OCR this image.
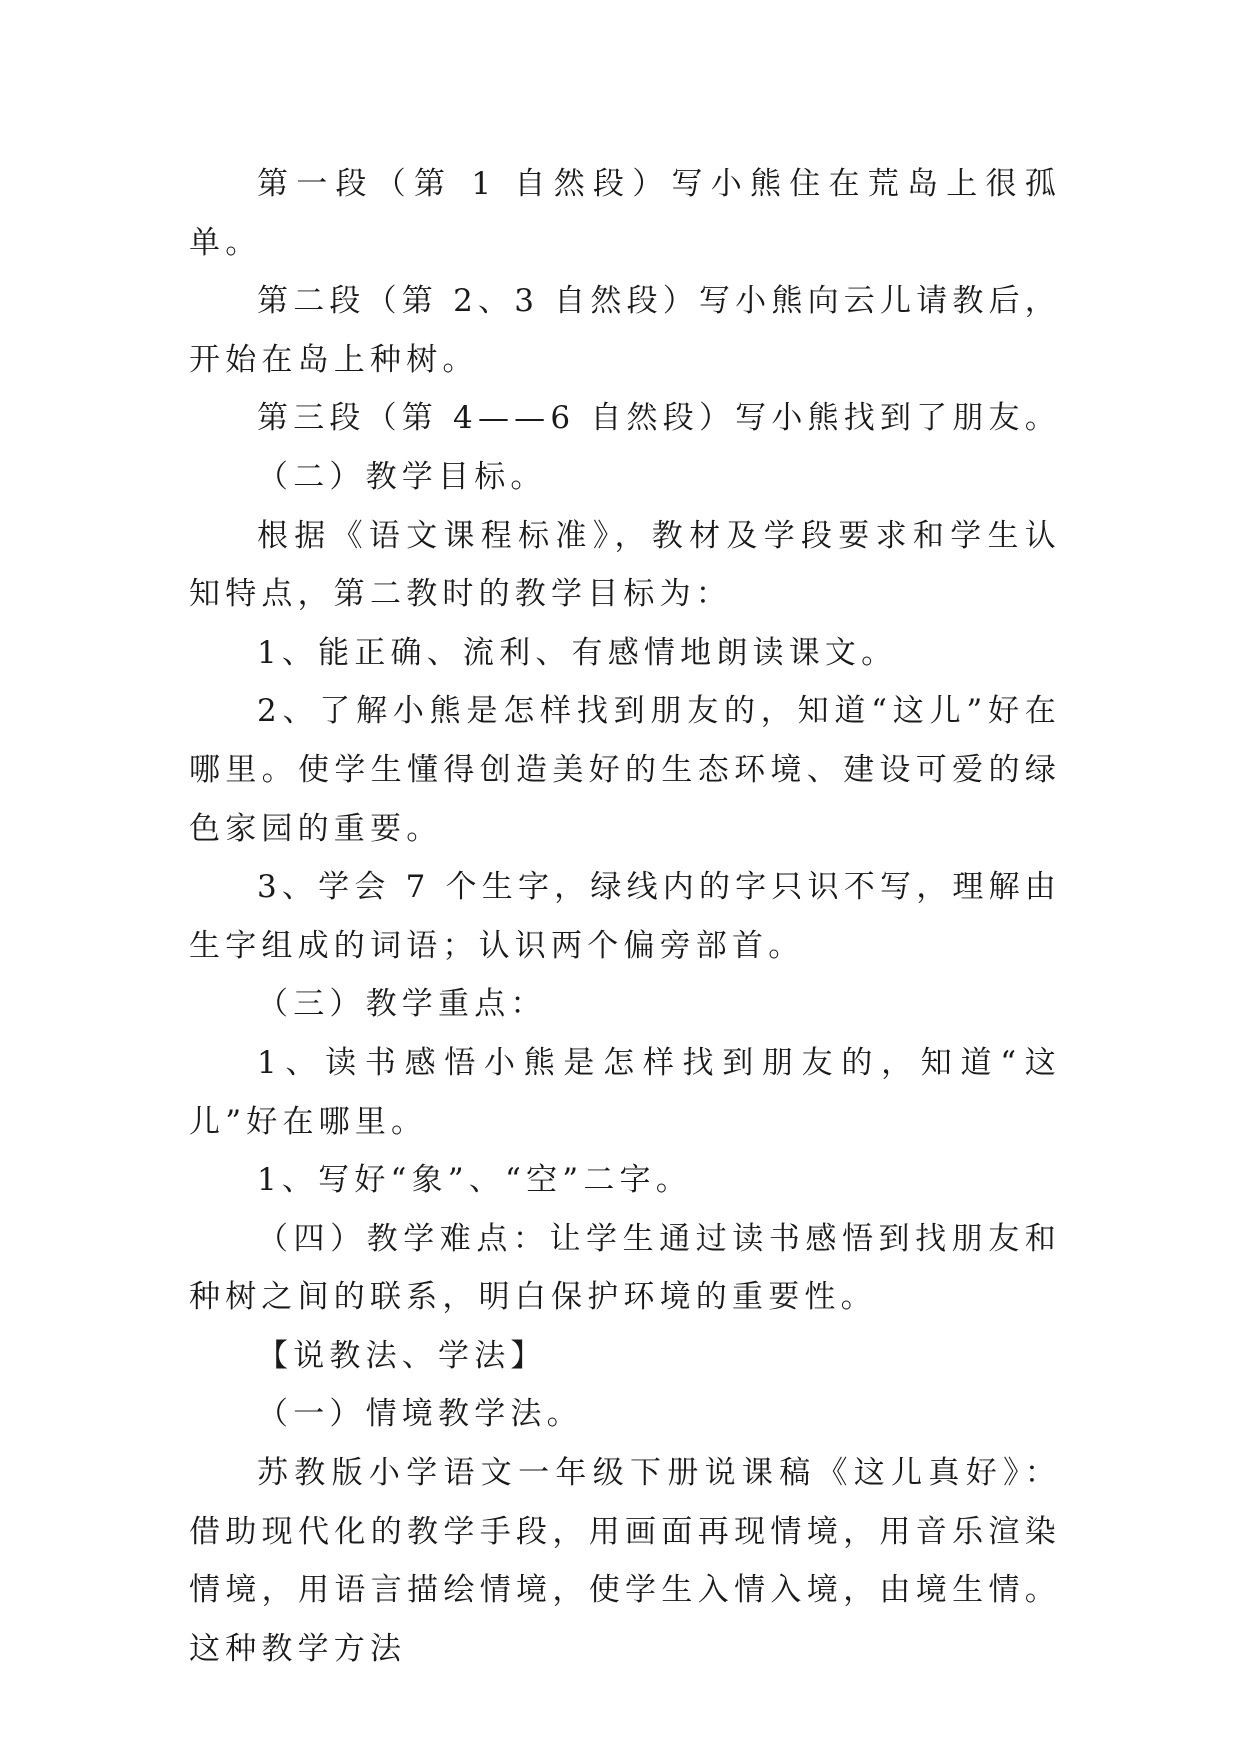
第一段（第 1 自然段）写小熊住在荒岛上很孤单。

第二段（第 2、3 自然段）写小熊向云儿请教后，开始在岛上种树。

第三段（第 4——6 自然段）写小熊找到了朋友。

（二）教学目标。

根据《语文课程标准》，教材及学段要求和学生认知特点，第二教时的教学目标为：

1、能正确、流利、有感情地朗读课文。

2、了解小熊是怎样找到朋友的，知道“这儿”好在哪里。使学生懂得创造美好的生态环境、建设可爱的绿色家园的重要。

3、学会 7 个生字，绿线内的字只识不写，理解由生字组成的词语；认识两个偏旁部首。

（三）教学重点：

1、读书感悟小熊是怎样找到朋友的，知道“这儿”好在哪里。

1、写好“象”、“空”二字。

（四）教学难点：让学生通过读书感悟到找朋友和种树之间的联系，明白保护环境的重要性。

【说教法、学法】

（一）情境教学法。

苏教版小学语文一年级下册说课稿《这儿真好》：借助现代化的教学手段，用画面再现情境，用音乐渲染情境，用语言描绘情境，使学生入情入境，由境生情。这种教学方法
